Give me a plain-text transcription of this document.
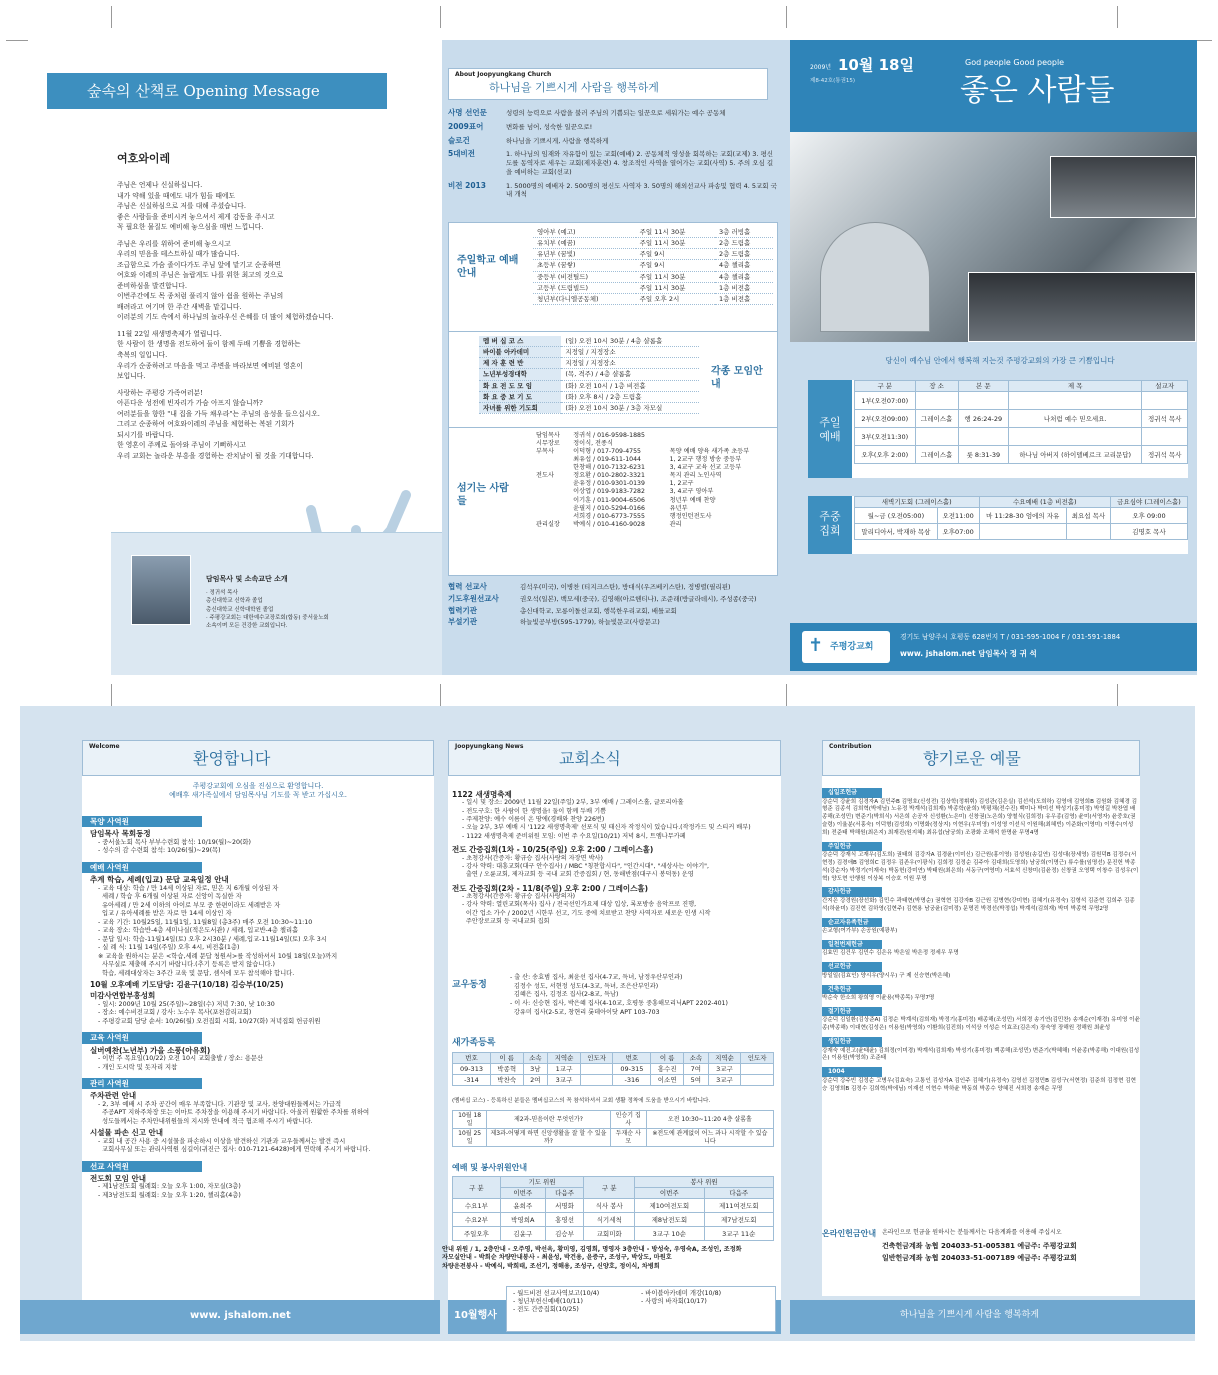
숲속의 산책로 Opening Message
여호와이레

주님은 언제나 신실하십니다.
내가 약해 있을 때에도 내가 힘들 때에도
주님은 신실하심으로 저를 대해 주셨습니다.
좋은 사람들을 준비시켜 놓으셔서 제게 감동을 주시고
꼭 필요한 물질도 예비해 놓으심을 매번 느낍니다.

주님은 우리를 위하여 준비해 놓으시고
우리의 믿음을 테스트하실 때가 많습니다.
조급함으로 가슴 졸이다가도 주님 앞에 맡기고 순종하면
여호와 이레의 주님은 놀랍게도 나를 위한 최고의 것으로
준비하심을 발견합니다.
이번주간에도 목 종처럼 풀리지 않아 쉼을 원하는 주님의
배려라고 여기며 한 주간 새벽을 맡깁니다.
이러분의 기도 속에서 하나님의 놀라우신 은혜를 더 많이 체험하겠습니다.

11월 22일 새생명축제가 열립니다.
한 사람이 한 생명을 전도하여 둘이 함께 두배 기쁨을 경험하는
축복의 일입니다.
우리가 순종하려고 마음을 먹고 주변을 바라보면 예비된 영혼이
보입니다.

사랑하는 주평강 가족여러분!
아픈다운 성전에 빈자리가 가슴 아프지 않습니까?
여러분들을 향한 "내 집을 가득 채우라"는 주님의 음성을 들으십시오.
그리고 순종하여 여호와이레의 주님을 체험하는 복된 기회가
되시기를 바랍니다.
한 영혼이 주께로 돌아와 주님이 기뻐하시고
우리 교회는 놀라운 부흥을 경험하는 잔치날이 될 것을 기대합니다.

담임목사 및 소속교단 소개
· 정귀석 목사
총신대학교 신학과 졸업
총신대학교 신학대학원 졸업
· 주평강교회는 대한예수교장로회(합동) 중서울노회
소속이며 모든 건강한 교회입니다.
About Joopyungkang Church
하나님을 기쁘시게 사람을 행복하게
사명 선언문	성령의 능력으로 사람을 불러 주님의 기쁨되는 일꾼으로 세워가는 예수 공동체
2009표어	변화를 넘어, 성숙한 일꾼으로!
슬로건	하나님을 기쁘시게, 사람을 행복하게
5대비전	1. 하나님의 임재와 자유함이 있는 교회(예배) 2. 공동체적 영성을 회복하는 교회(교제) 3. 평신도를 동역자로 세우는 교회(제자훈련) 4. 창조적인 사역을 열어가는 교회(사역) 5. 주의 오심 길을 예비하는 교회(선교)
비전 2013	1. 5000명의 예배자 2. 500명의 평신도 사역자 3. 50명의 해외선교사 파송및 협력 4. 5교회 국내 개척
주일학교 예배안내
영아부 (예고)	주일 11시 30분	3층 러빙홀
유치부 (예꿈)	주일 11시 30분	2층 드림홀
유년부 (꿈빛)	주일 9시	2층 드림홀
초등부 (꿈쌓)	주일 9시	4층 챌리홀
중등부 (비전틸드)	주일 11시 30분	4층 챌리홀
고등부 (드림빌드)	주일 11시 30분	1층 비전홀
청년부(다니엘공동체)	주일 오후 2시	1층 비전홀
멤 버 십 코 스	(일) 오전 10시 30분 / 4층 샬롬홀
바이블 아카데미	지정일 / 지정장소
제 자 훈 련 반	지정일 / 지정장소
노년부성경대학	(목, 격주) / 4층 샬롬홀
화 요 전 도 모 임	(화) 오전 10시 / 1층 비전홀
화 요 중 보 기 도	(화) 오후 8시 / 2층 드림홀
자녀를 위한 기도회	(화) 오전 10시 30분 / 3층 자모실
각종 모임안내
섬기는 사람들
담임목사	정귀석 / 016-9598-1885	
시무장로	정이식, 전종식	
부목사	이덕형 / 017-709-4755	목양 예배 양육 새가족 초등부
	최유섭 / 019-611-1044	1, 2교구 행정 방송 중등부
	한창해 / 010-7132-6231	3, 4교구 교육 선교 고등부
전도사	정요환 / 010-2802-3321	목지 관리 노인사역
	윤유정 / 010-9301-0139	1, 2교구
	이상엽 / 019-9183-7282	3, 4교구 영아부
	이기훈 / 011-9004-6506	청년부 예배 찬양
	윤필지 / 010-5294-0166	유년부
	서희경 / 010-6773-7555	행정인턴전도사
관리실장	박예식 / 010-4160-9028	관리
협력 선교사	김석우(미국), 이병찬 (티지크스탄), 방대식(우즈베키스탄), 정병렬(필리핀)
기도후원선교사	권오석(일본), 백모세(중국), 김영해(아르헨티나), 조준래(방글라데시), 주성종(중국)
협력기관	총신대학교, 모롱이돌선교회, 행복한우리교회, 배틀교회
부설기관	하늘빛공부방(595-1779), 하늘빛문고(사랑문고)
2009년 10월 18일
제8-42호(통권15)
God people Good people
좋은 사람들
당신이 예수님 안에서 행복해 지는것 주평강교회의 가장 큰 기쁨입니다
주일 예배
구 분	장 소	본 문	제 목	설교자
1부(오전07:00)				
2부(오전09:00)	그레이스홀	행 26:24-29	나처럼 예수 믿으세요.	정귀석 목사
3부(오전11:30)				
오후(오후 2:00)	그레이스홀	룻 8:31-39	하나님 아버지 (하이델베르크 교리문답)	정귀석 목사
주중 집회
새벽기도회 (그레이스홀)		수요예배 (1층 비전홀)		금요심야 (그레이스홀)
월~금 (오전05:00)	오전11:00	마 11:28-30 엄에의 자유	최요섭 목사	오후 09:00
말리디아서, 박재하 목삼	오후07:00			김명호 목사
✝ 주평강교회
경기도 남양주시 호평동 628번지 T / 031-595-1004 F / 031-591-1884
www. jshalom.net 담임목사 정 귀 석
Welcome
환영합니다
주평강교회에 오심을 진심으로 환영합니다.
예배후 새가족실에서 담임목사님 기도를 꼭 받고 가십시오.
목양 사역원
담임목사 목회동정
- 중서울노회 목사 부부수련회 참석: 10/19(월)~20(화)
- 성수의 감 수련회 참석: 10/26(월)~29(목)
예배 사역원
추계 학습, 세례(입교) 문답 교육일정 안내
- 교육 대상: 학습 / 만 14세 이상된 자로, 믿은 지 6개월 이상된 자
세례 / 학습 후 6개월 이상된 자로 신앙이 독실한 자
유아세례 / 만 2세 이하의 아이로 부모 중 한편이라도 세례받은 자
입교 / 유아세례를 받은 자로 만 14세 이상인 자
- 교육 기간: 10월25일, 11월1일, 11월8일 (총3주) 매주 오전 10:30~11:10
- 교육 장소: 학습반-4층 세미나실(적은도서관) / 세례, 입교반-4층 챌리홀
- 문답 일시: 학습-11월14일(토) 오후 2시30분 / 세례,입교-11월14일(토) 오후 3시
- 실 례 식: 11월 14일(주일) 오후 4시, 비전홀(1층)
※ 교육을 원하시는 분은 <학습,세례 문답 청원서>를 작성하셔서 10월 18일(오늘)까지
사무실로 제출해 주시기 바랍니다.(추기 등록은 받지 않습니다.)
학습, 세례대상자는 3주간 교육 및 문답, 셈식에 모두 참석해야 합니다.
10월 오후예배 기도담당: 김윤구(10/18) 김승부(10/25)
미감사연합부흥성회
- 일시: 2009년 10월 25(주일)~28일(수) 저녁 7:30, 낮 10:30
- 장소: 예수비전교회 / 강사: 노수우 목사(포천감리교회)
- 주평강교회 담당 순서: 10/26(월) 오전집회 시회, 10/27(화) 저녁집회 헌금위원
교육 사역원
실버예찬(노년부) 가을 소풍(아유회)
- 이번 주 목요일(10/22) 오전 10시 교회출발 / 장소: 용문산
- 개인 도시락 및 돗자리 지참
관리 사역원
주차관련 안내
- 2, 3부 예배 시 주차 공간이 매우 부족합니다. 기관장 및 교사, 찬양대원들께서는 가급적
주공APT 지하주차장 또는 이마트 주차장을 이용해 주시기 바랍니다. 아울러 원활한 주차를 위하여
성도들께서는 주차안내위원들의 지시와 안내에 적극 협조해 주시기 바랍니다.
시설물 파손 신고 안내
- 교회 내 공간 사용 중 시설물을 파손하시 이상을 발견하신 기관과 교우들께서는 발견 즉시
교회사무실 또는 관리사역원 심길이(귀진근 집사: 010-7121-6428)에게 연락해 주시기 바랍니다.
선교 사역원
전도회 모임 안내
- 제1남전도회 월례회: 오늘 오후 1:00, 자모실(3층)
- 제3남전도회 월례회: 오늘 오후 1:20, 챌리홀(4층)
www. jshalom.net
Joopyungkang News
교회소식
1122 새생명축제
- 일시 및 장소: 2009년 11월 22일(주일) 2부, 3부 예배 / 그레이스홀, 글로리아홀
- 전도구호: 한 사람이 한 생명을! 둘이 함께 두배 기쁨
- 주제찬양: 예수 이름이 온 땅에(경배와 찬양 226번)
- 오늘 2부, 3부 예배 시 '1122 새생명축제' 선포식 및 태신자 작정식이 있습니다.(작정카드 및 스티커 배부)
- 1122 새생명축제 준비위원 모임: 이번 주 수요일(10/21) 저녁 8시, 트엠나무카페
전도 간증집회(1차 - 10/25(주일) 오후 2:00 / 그레이스홀)
- 초청강사(간증자: 황규승 집사(사랑의 자장면 박사)
- 강사 약력: 대흥교회(대구 안수집사) / MBC "칭찬합시다", "인간시대", "세상사는 이야기",
출연 / 오륜교회, 제자교회 등 국내 교회 간증집회 / 현, 동해반점(대구시 봉덕동) 운영
전도 간증집회(2차 - 11/8(주일) 오후 2:00 / 그레이스홀)
- 초청강사(간증자: 황규승 집사(사랑의자)
- 강사 약력: 열린교회(목사) 집사 / 전국선인가요제 대상 입상, 록포방송 음악프로 진행,
이간 업소 가수 / 2002년 시한부 선고, 기도 중에 치료받고 찬양 사역자로 새로운 인생 시작
주안장로교회 등 국내교회 집회
교우동정
- 출 산: 송효범 집사, 최윤선 집사(4-7교, 득녀, 남정우산부인과)
김정수 성도, 서현정 성도(4-3교, 득녀, 조은산부인과)
김혜은 집사, 김정조 집사(2-8교, 득남)
- 이 사: 신승현 집사, 박은혜 집사(4-10교, 호평동 중흥해모리닉APT 2202-401)
강유미 집사(2-5교, 창현리 롯데아이닷 APT 103-703
새가족등록
번호	이 름	소속	지역순	인도자	번호	이 름	소속	지역순	인도자
09-313	박종혁	3남	1교구		09-315	홍수진	7여	3교구	
-314	박찬숙	2여	3교구		-316	이소연	5여	3교구	
(멤버십 코스) - 등록하신 분들은 멤버십코스의 꼭 참석하셔서 교회 생활 정착에 도움을 받으시기 바랍니다.
10월 18일	제2과-믿음이란 무엇인가?	인승기 집사	오전 10:30~11:20 4층 샬롬홀
10월 25일	제3과-어떻게 하면 신앙생활을 잘 할 수 있을까?	두재순 사모	※전도에 관계없이 어느 과나 시작할 수 있습니다
예배 및 봉사위원안내
구 분	기도 위원		구 분	봉사 위원	
	이번주	다음주		이번주	다음주
수요1부	윤희주	서명화	식사 봉사	제10여전도회	제11여전도회
수요2부	박영희A	홍영선	식기세척	제8남전도회	제7남전도회
주일오후	김윤구	김승부	교회미화	3교구 10순	3교구 11순
안내 위원 / 1, 2층안내 - 오주영, 박선옥, 황미영, 김영희, 명영자 3층안내 - 방성숙, 우영숙A, 조성인, 조정화
자모실안내 - 박희순 차량안내봉사 - 최윤성, 박건용, 윤증구, 조성구, 박상도, 마원호
차량운전봉사 - 박예식, 박희태, 조선기, 정해용, 조성구, 신양호, 정이식, 차병희
10월행사
- 월드비전 선교사역보고(10/4)
- 청년부헌신예배(10/11)
- 전도 간증집회(10/25)
- 바이블아카데미 개강(10/8)
- 사랑의 바자회(10/17)
Contribution
향기로운 예물
십일조헌금
강순덕 강윤희 김경자A 김민주B 김명호(신성전) 김상학(정휘휘) 김성관(김은실) 김선석(도희하) 김영애 김영희B 김원화 김혜경 김형준 김종석 김희혁(박에님) 노유정 박계석(김희재) 박종학(윤희) 박평채(전수진) 백미나 박미선 박성기(홍미정) 박영길 박찬엽 배종해(조성민) 변준기(박희식) 서은희 손공자 신성환(노은미) 신창권(노은희) 양철식(김희정) 유우종(김영) 윤미(서영자) 윤중호(권슬령) 이율분(서홍숙) 이덕형(김성희) 이명화(정상지) 이현우(우미영) 이성영 이선식 이원해(최혜빈) 이준화(이영미) 이명수(이성희) 전준태 박해원(최은지) 최재진(원지혜) 최유섭(남궁희) 조광화 조해석 한명윤 무명4명
주일헌금
강순덕 강재식 고재우(김도희) 권태희 김강자A 김경윤(이미신) 김근원(홍이영) 김성원(송길연) 김성대(장세영) 김원덕B 김정수(서현정) 김경애B 김영희C 김정우 김존우(이광식) 김희정 김정순 김주아 김대희(도영희) 남궁희(이명근) 류수를(임명선) 문진헌 박종석(강순자) 박정기(이재숙) 박동헌(강미연) 박태원(최은희) 서동구(여영미) 서효석 신창미(김윤정) 신창권 오영택 이창수 김성우(이혁) 양도현 안행원 이상복 이승호 이원 무명
감사헌금
간지은 강경원(장선화) 김민수 곽태현(박명순) 권혁현 김강자B 김근원 김병현(강미현) 김혜기(유정숙) 김형석 김준현 김희주 김종석(하윤미) 김진현 김하영(김현주) 김현용 남궁윤(김미정) 문명진 박경선(박정섭) 박계석(김희재) 박미 박종혁 무명2명
순교자유족헌금
손교형(여가부) 손공원(예광부)
일천번제헌금
김효민 김건우 김민수 김은유 박은일 박은정 정세우 무명
선교헌금
방일일(김효인) 양시우(양시우) 구 제 신승현(박은혜)
건축헌금
박순숙 한소희 왕희영 이윤용(박종목) 무명7명
절기헌금
강순덕 김일환(김상준A) 김정순 박계석(김희재) 박정기(홍미정) 배종해(조성민) 서희경 송기연(김민찬) 송재순(이재경) 유미영 이윤종(박종해) 이대현(김성은) 이용원(박영희) 이환희(김진희) 이석상 이성순 이효조(김은지) 장숙영 장해원 정해원 최윤성
생일헌금
강재숙 예진고(윤태윤) 김희정(이미경) 박계석(김희재) 박성기(홍미정) 백종해(조성민) 변준기(박혜해) 이윤종(박종해) 이대원(김성은) 이용원(박영희) 조준태
1004
강순덕 강주빈 김정순 고병우(김효숙) 고통인 김성자A 김인주 김혜기(유정숙) 김영선 김정민B 김성구(서현정) 김준희 김정현 김현승 김영희B 김정수 김희혁(박에님) 이재선 이현수 박하윤 박동희 박종수 양혜진 서희경 송재순 무명
온라인헌금안내 온라인으로 헌금을 원하시는 분들께서는 다음계좌를 이용해 주십시오
건축헌금계좌 농협 204033-51-005381 예금주: 주평강교회
일반헌금계좌 농협 204033-51-007189 예금주: 주평강교회
하나님을 기쁘시게 사람을 행복하게
